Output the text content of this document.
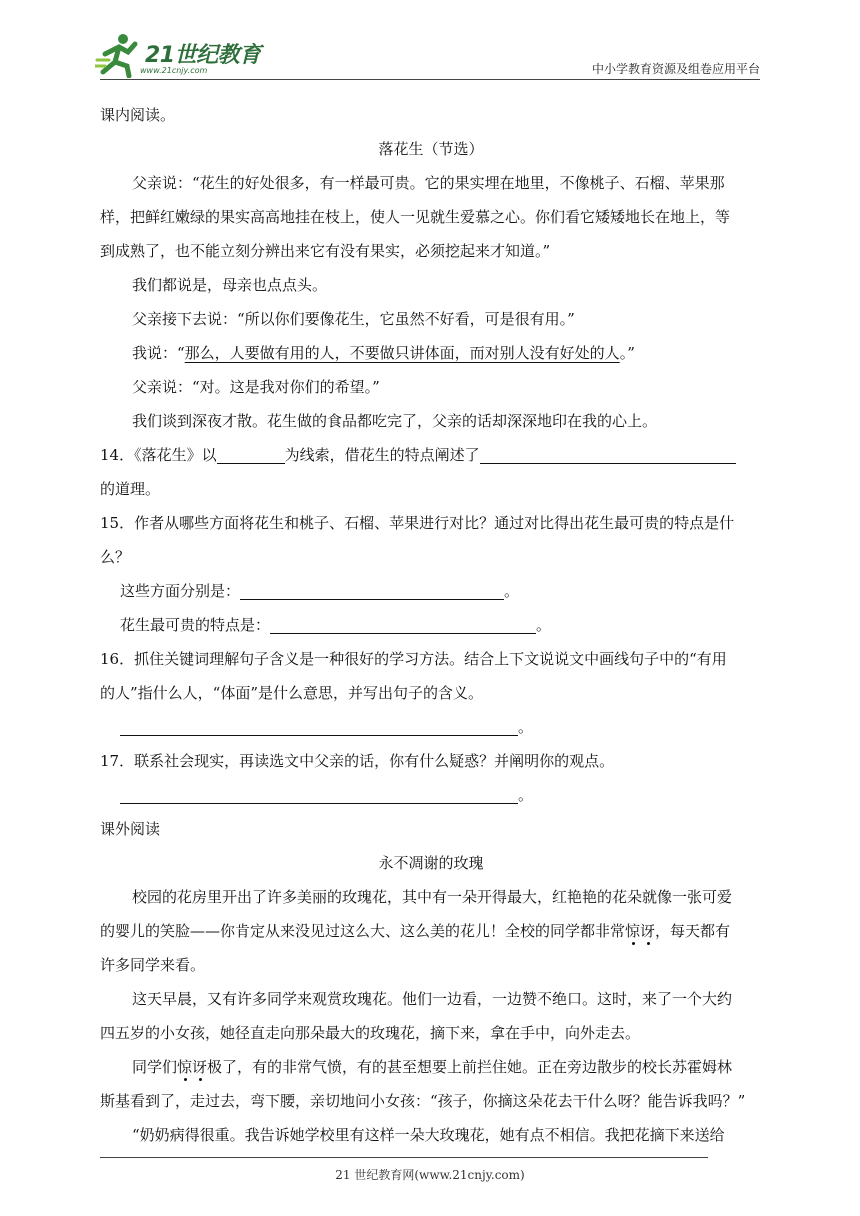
21世纪教育
www.21cnjy.com	中小学教育资源及组卷应用平台
课内阅读。
落花生（节选）
父亲说：“花生的好处很多，有一样最可贵。它的果实埋在地里，不像桃子、石榴、苹果那
样，把鲜红嫩绿的果实高高地挂在枝上，使人一见就生爱慕之心。你们看它矮矮地长在地上，等
到成熟了，也不能立刻分辨出来它有没有果实，必须挖起来才知道。”
我们都说是，母亲也点点头。
父亲接下去说：“所以你们要像花生，它虽然不好看，可是很有用。”
我说：“那么，人要做有用的人，不要做只讲体面，而对别人没有好处的人。”
父亲说：“对。这是我对你们的希望。”
我们谈到深夜才散。花生做的食品都吃完了，父亲的话却深深地印在我的心上。
14．《落花生》以	为线索，借花生的特点阐述了
的道理。
15．作者从哪些方面将花生和桃子、石榴、苹果进行对比？通过对比得出花生最可贵的特点是什
么？
这些方面分别是：	。
花生最可贵的特点是：	。
16．抓住关键词理解句子含义是一种很好的学习方法。结合上下文说说文中画线句子中的“有用
的人”指什么人，“体面”是什么意思，并写出句子的含义。
。
17．联系社会现实，再读选文中父亲的话，你有什么疑惑？并阐明你的观点。
。
课外阅读
永不凋谢的玫瑰
校园的花房里开出了许多美丽的玫瑰花，其中有一朵开得最大，红艳艳的花朵就像一张可爱
的婴儿的笑脸——你肯定从来没见过这么大、这么美的花儿！全校的同学都非常惊讶，每天都有
许多同学来看。
这天早晨，又有许多同学来观赏玫瑰花。他们一边看，一边赞不绝口。这时，来了一个大约
四五岁的小女孩，她径直走向那朵最大的玫瑰花，摘下来，拿在手中，向外走去。
同学们惊讶极了，有的非常气愤，有的甚至想要上前拦住她。正在旁边散步的校长苏霍姆林
斯基看到了，走过去，弯下腰，亲切地问小女孩：“孩子，你摘这朵花去干什么呀？能告诉我吗？”
“奶奶病得很重。我告诉她学校里有这样一朵大玫瑰花，她有点不相信。我把花摘下来送给
21 世纪教育网(www.21cnjy.com)
